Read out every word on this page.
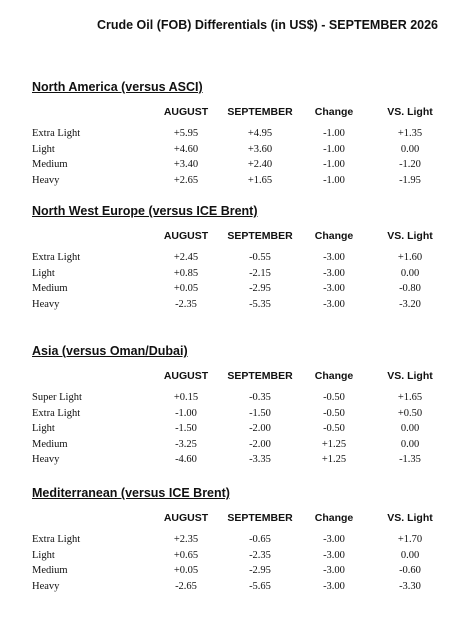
Crude Oil (FOB) Differentials (in US$) - SEPTEMBER 2026
North America (versus ASCI)
AUGUST SEPTEMBER Change	VS. Light
Extra Light	+5.95	+4.95	-1.00	+1.35
Light	+4.60	+3.60	-1.00	0.00
Medium	+3.40	+2.40	-1.00	-1.20
Heavy	+2.65	+1.65	-1.00	-1.95
North West Europe (versus ICE Brent)
AUGUST SEPTEMBER Change	VS. Light
Extra Light	+2.45	-0.55	-3.00	+1.60
Light	+0.85	-2.15	-3.00	0.00
Medium	+0.05	-2.95	-3.00	-0.80
Heavy	-2.35	-5.35	-3.00	-3.20
Asia (versus Oman/Dubai)
AUGUST SEPTEMBER Change	VS. Light
Super Light	+0.15	-0.35	-0.50	+1.65
Extra Light	-1.00	-1.50	-0.50	+0.50
Light	-1.50	-2.00	-0.50	0.00
Medium	-3.25	-2.00	+1.25	0.00
Heavy	-4.60	-3.35	+1.25	-1.35
Mediterranean (versus ICE Brent)
AUGUST SEPTEMBER Change	VS. Light
Extra Light	+2.35	-0.65	-3.00	+1.70
Light	+0.65	-2.35	-3.00	0.00
Medium	+0.05	-2.95	-3.00	-0.60
Heavy	-2.65	-5.65	-3.00	-3.30
